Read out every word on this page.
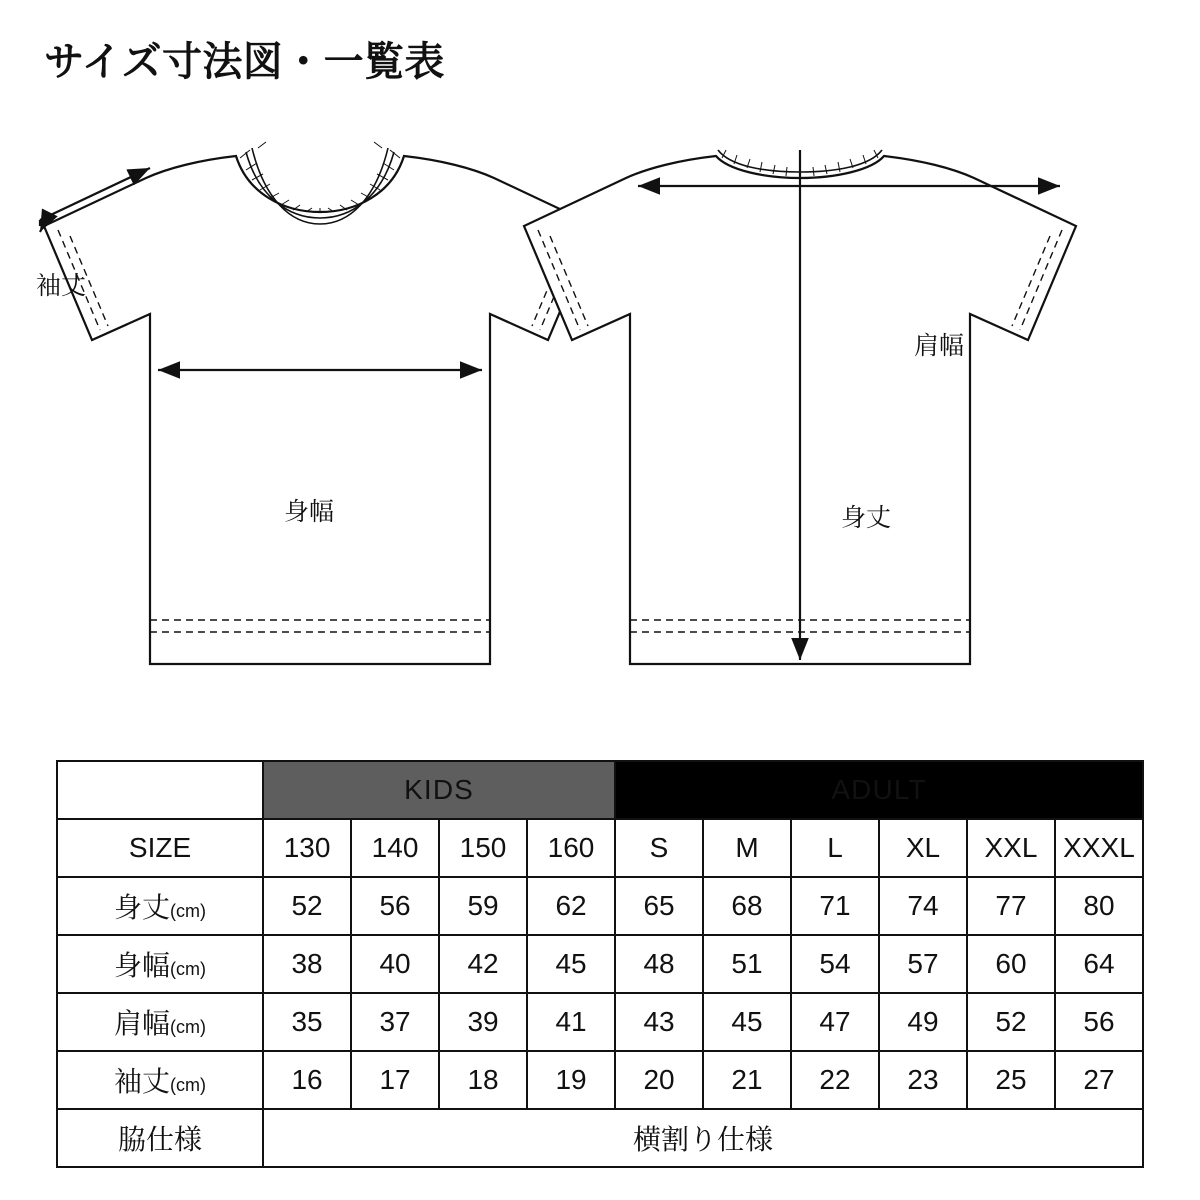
サイズ寸法図・一覧表
袖丈
身幅
肩幅
身丈
	KIDS				ADULT					
SIZE	130	140	150	160	S	M	L	XL	XXL	XXXL
身丈(cm)	52	56	59	62	65	68	71	74	77	80
身幅(cm)	38	40	42	45	48	51	54	57	60	64
肩幅(cm)	35	37	39	41	43	45	47	49	52	56
袖丈(cm)	16	17	18	19	20	21	22	23	25	27
脇仕様	横割り仕様									
